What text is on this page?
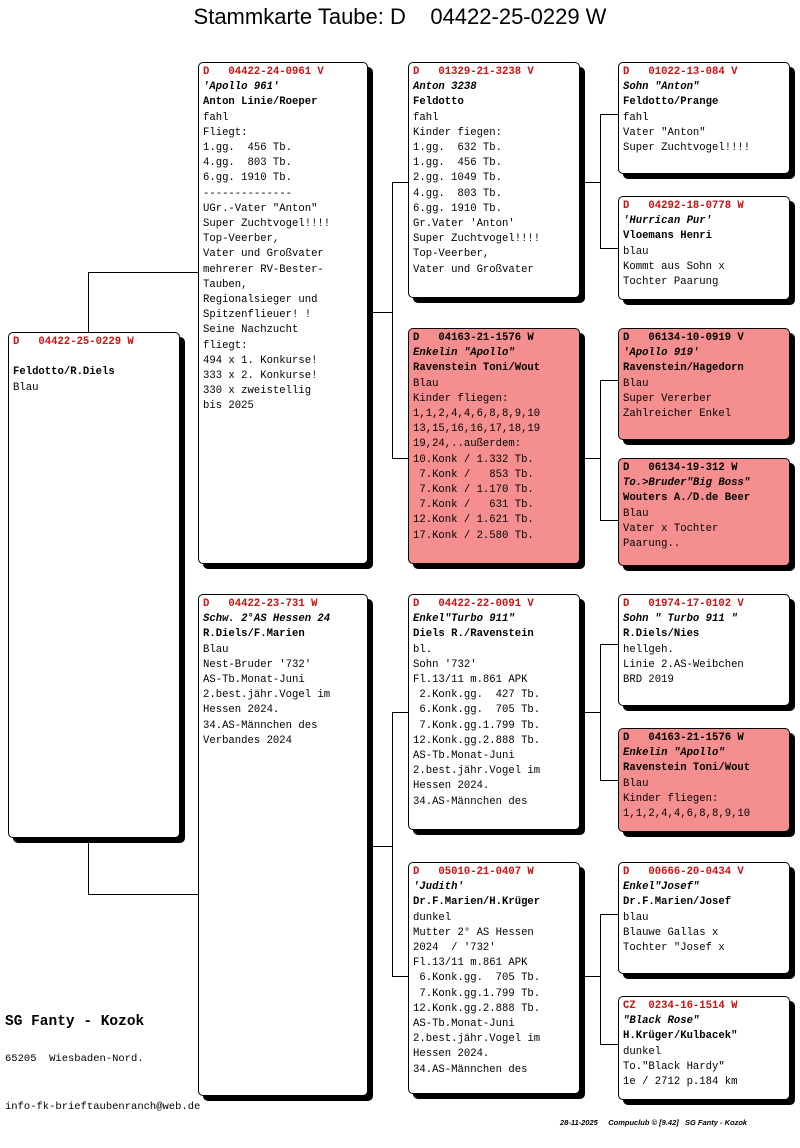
Stammkarte Taube: D    04422-25-0229 W
D   04422-25-0229 W

Feldotto/R.Diels
Blau
D   04422-24-0961 V
'Apollo 961'
Anton Linie/Roeper
fahl
Fliegt:
1.gg.  456 Tb.
4.gg.  803 Tb.
6.gg. 1910 Tb.
--------------
UGr.-Vater "Anton"
Super Zuchtvogel!!!!
Top-Veerber,
Vater und Großvater
mehrerer RV-Bester-
Tauben,
Regionalsieger und
Spitzenflieuer! !
Seine Nachzucht
fliegt:
494 x 1. Konkurse!
333 x 2. Konkurse!
330 x zweistellig
bis 2025
D   04422-23-731 W
Schw. 2°AS Hessen 24
R.Diels/F.Marien
Blau
Nest-Bruder '732'
AS-Tb.Monat-Juni
2.best.jähr.Vogel im
Hessen 2024.
34.AS-Männchen des
Verbandes 2024
D   01329-21-3238 V
Anton 3238
Feldotto
fahl
Kinder fiegen:
1.gg.  632 Tb.
1.gg.  456 Tb.
2.gg. 1049 Tb.
4.gg.  803 Tb.
6.gg. 1910 Tb.
Gr.Vater 'Anton'
Super Zuchtvogel!!!!
Top-Veerber,
Vater und Großvater
D   04163-21-1576 W
Enkelin "Apollo"
Ravenstein Toni/Wout
Blau
Kinder fliegen:
1,1,2,4,4,6,8,8,9,10
13,15,16,16,17,18,19
19,24,..außerdem:
10.Konk / 1.332 Tb.
7.Konk /   853 Tb.
7.Konk / 1.170 Tb.
7.Konk /   631 Tb.
12.Konk / 1.621 Tb.
17.Konk / 2.580 Tb.
D   04422-22-0091 V
Enkel"Turbo 911"
Diels R./Ravenstein
bl.
Sohn '732'
Fl.13/11 m.861 APK
2.Konk.gg.  427 Tb.
6.Konk.gg.  705 Tb.
7.Konk.gg.1.799 Tb.
12.Konk.gg.2.888 Tb.
AS-Tb.Monat-Juni
2.best.jähr.Vogel im
Hessen 2024.
34.AS-Männchen des
D   05010-21-0407 W
'Judith'
Dr.F.Marien/H.Krüger
dunkel
Mutter 2° AS Hessen
2024  / '732'
Fl.13/11 m.861 APK
6.Konk.gg.  705 Tb.
7.Konk.gg.1.799 Tb.
12.Konk.gg.2.888 Tb.
AS-Tb.Monat-Juni
2.best.jähr.Vogel im
Hessen 2024.
34.AS-Männchen des
D   01022-13-084 V
Sohn "Anton"
Feldotto/Prange
fahl
Vater "Anton"
Super Zuchtvogel!!!!
D   04292-18-0778 W
'Hurrican Pur'
Vloemans Henri
blau
Kommt aus Sohn x
Tochter Paarung
D   06134-10-0919 V
'Apollo 919'
Ravenstein/Hagedorn
Blau
Super Vererber
Zahlreicher Enkel
D   06134-19-312 W
To.>Bruder"Big Boss"
Wouters A./D.de Beer
Blau
Vater x Tochter
Paarung..
D   01974-17-0102 V
Sohn " Turbo 911 "
R.Diels/Nies
hellgeh.
Linie 2.AS-Weibchen
BRD 2019
D   04163-21-1576 W
Enkelin "Apollo"
Ravenstein Toni/Wout
Blau
Kinder fliegen:
1,1,2,4,4,6,8,8,9,10
D   00666-20-0434 V
Enkel"Josef"
Dr.F.Marien/Josef
blau
Blauwe Gallas x
Tochter "Josef x
CZ  0234-16-1514 W
"Black Rose"
H.Krüger/Kulbacek"
dunkel
To."Black Hardy"
1e / 2712 p.184 km
SG Fanty - Kozok
65205  Wiesbaden-Nord.
info-fk-brieftaubenranch@web.de
28-11-2025     Compuclub © [9.42]   SG Fanty - Kozok
